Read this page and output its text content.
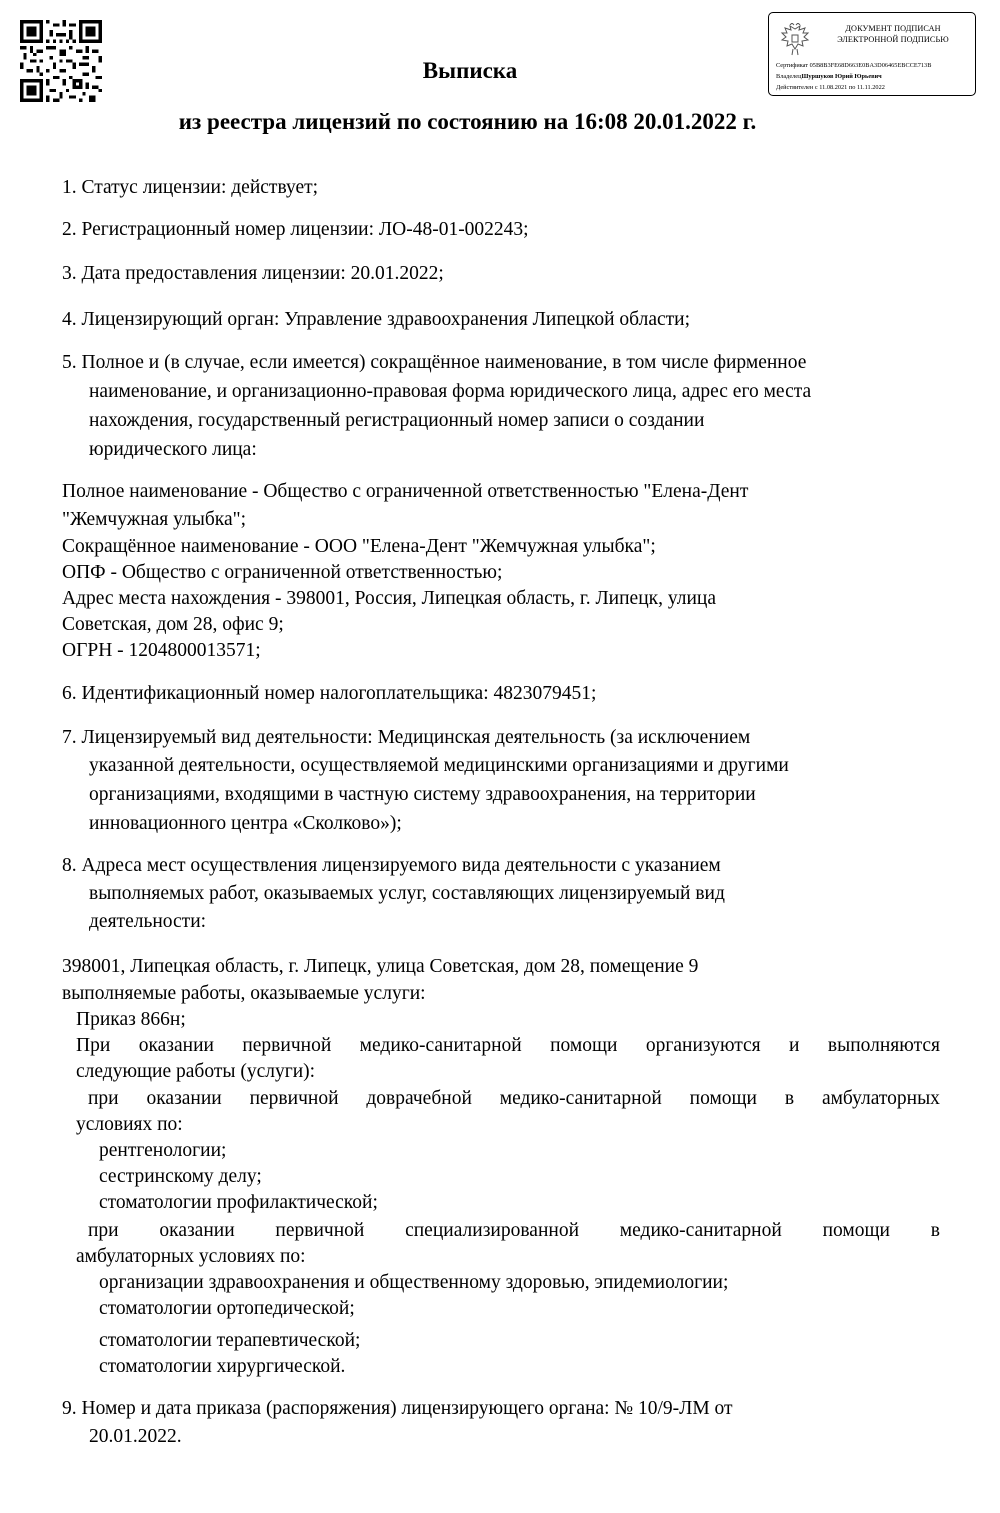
ДОКУМЕНТ ПОДПИСАН
ЭЛЕКТРОННОЙ ПОДПИСЬЮ
Сертификат 05B8B3FE68D663E0BA3D06465EBCCE713B
ВладелецШуршуков Юрий Юрьевич
Действителен с 11.08.2021 по 11.11.2022
Выписка
из реестра лицензий по состоянию на 16:08 20.01.2022 г.
1. Статус лицензии: действует;
2. Регистрационный номер лицензии: ЛО-48-01-002243;
3. Дата предоставления лицензии: 20.01.2022;
4. Лицензирующий орган: Управление здравоохранения Липецкой области;
5. Полное и (в случае, если имеется) сокращённое наименование, в том числе фирменное
наименование, и организационно-правовая форма юридического лица, адрес его места
нахождения, государственный регистрационный номер записи о создании
юридического лица:
Полное наименование - Общество с ограниченной ответственностью "Елена-Дент
"Жемчужная улыбка";
Сокращённое наименование - ООО "Елена-Дент "Жемчужная улыбка";
ОПФ - Общество с ограниченной ответственностью;
Адрес места нахождения - 398001, Россия, Липецкая область, г. Липецк, улица
Советская, дом 28, офис 9;
ОГРН - 1204800013571;
6. Идентификационный номер налогоплательщика: 4823079451;
7. Лицензируемый вид деятельности: Медицинская деятельность (за исключением
указанной деятельности, осуществляемой медицинскими организациями и другими
организациями, входящими в частную систему здравоохранения, на территории
инновационного центра «Сколково»);
8. Адреса мест осуществления лицензируемого вида деятельности с указанием
выполняемых работ, оказываемых услуг, составляющих лицензируемый вид
деятельности:
398001, Липецкая область, г. Липецк, улица Советская, дом 28, помещение 9
выполняемые работы, оказываемые услуги:
Приказ 866н;
При оказании первичной медико-санитарной помощи организуются и выполняются
следующие работы (услуги):
при оказании первичной доврачебной медико-санитарной помощи в амбулаторных
условиях по:
рентгенологии;
сестринскому делу;
стоматологии профилактической;
при оказании первичной специализированной медико-санитарной помощи в
амбулаторных условиях по:
организации здравоохранения и общественному здоровью, эпидемиологии;
стоматологии ортопедической;
стоматологии терапевтической;
стоматологии хирургической.
9. Номер и дата приказа (распоряжения) лицензирующего органа: № 10/9-ЛМ от
20.01.2022.
